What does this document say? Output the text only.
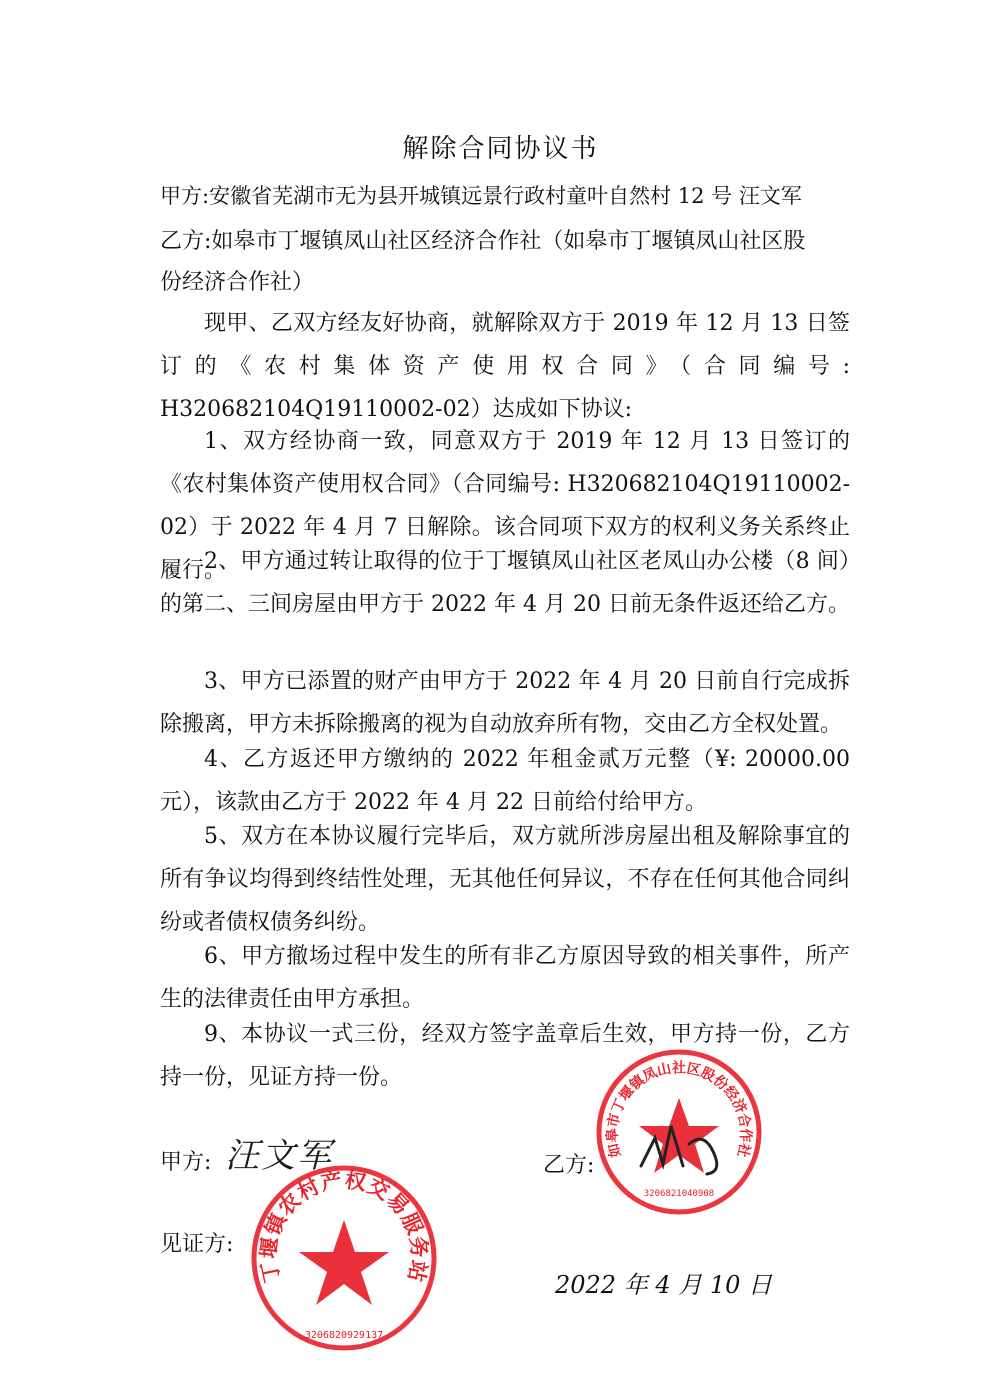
解除合同协议书
甲方:安徽省芜湖市无为县开城镇远景行政村童叶自然村 12 号 汪文军
乙方:如皋市丁堰镇凤山社区经济合作社（如皋市丁堰镇凤山社区股
份经济合作社）
现甲、乙双方经友好协商，就解除双方于 2019 年 12 月 13 日签订的《农村集体资产使用权合同》（合同编号: H320682104Q19110002-02）达成如下协议:
1、双方经协商一致，同意双方于 2019 年 12 月 13 日签订的《农村集体资产使用权合同》（合同编号: H320682104Q19110002-02）于 2022 年 4 月 7 日解除。该合同项下双方的权利义务关系终止履行。
2、甲方通过转让取得的位于丁堰镇凤山社区老凤山办公楼（8 间）的第二、三间房屋由甲方于 2022 年 4 月 20 日前无条件返还给乙方。
3、甲方已添置的财产由甲方于 2022 年 4 月 20 日前自行完成拆除搬离，甲方未拆除搬离的视为自动放弃所有物，交由乙方全权处置。
4、乙方返还甲方缴纳的 2022 年租金贰万元整（¥: 20000.00 元），该款由乙方于 2022 年 4 月 22 日前给付给甲方。
5、双方在本协议履行完毕后，双方就所涉房屋出租及解除事宜的所有争议均得到终结性处理，无其他任何异议，不存在任何其他合同纠纷或者债权债务纠纷。
6、甲方撤场过程中发生的所有非乙方原因导致的相关事件，所产生的法律责任由甲方承担。
9、本协议一式三份，经双方签字盖章后生效，甲方持一份，乙方持一份，见证方持一份。
甲方: 汪文军	乙方:
见证方:
2022 年 4 月 10 日
丁堰镇农村产权交易服务站
3206820929137
如皋市丁堰镇凤山社区股份经济合作社
3206821040908
